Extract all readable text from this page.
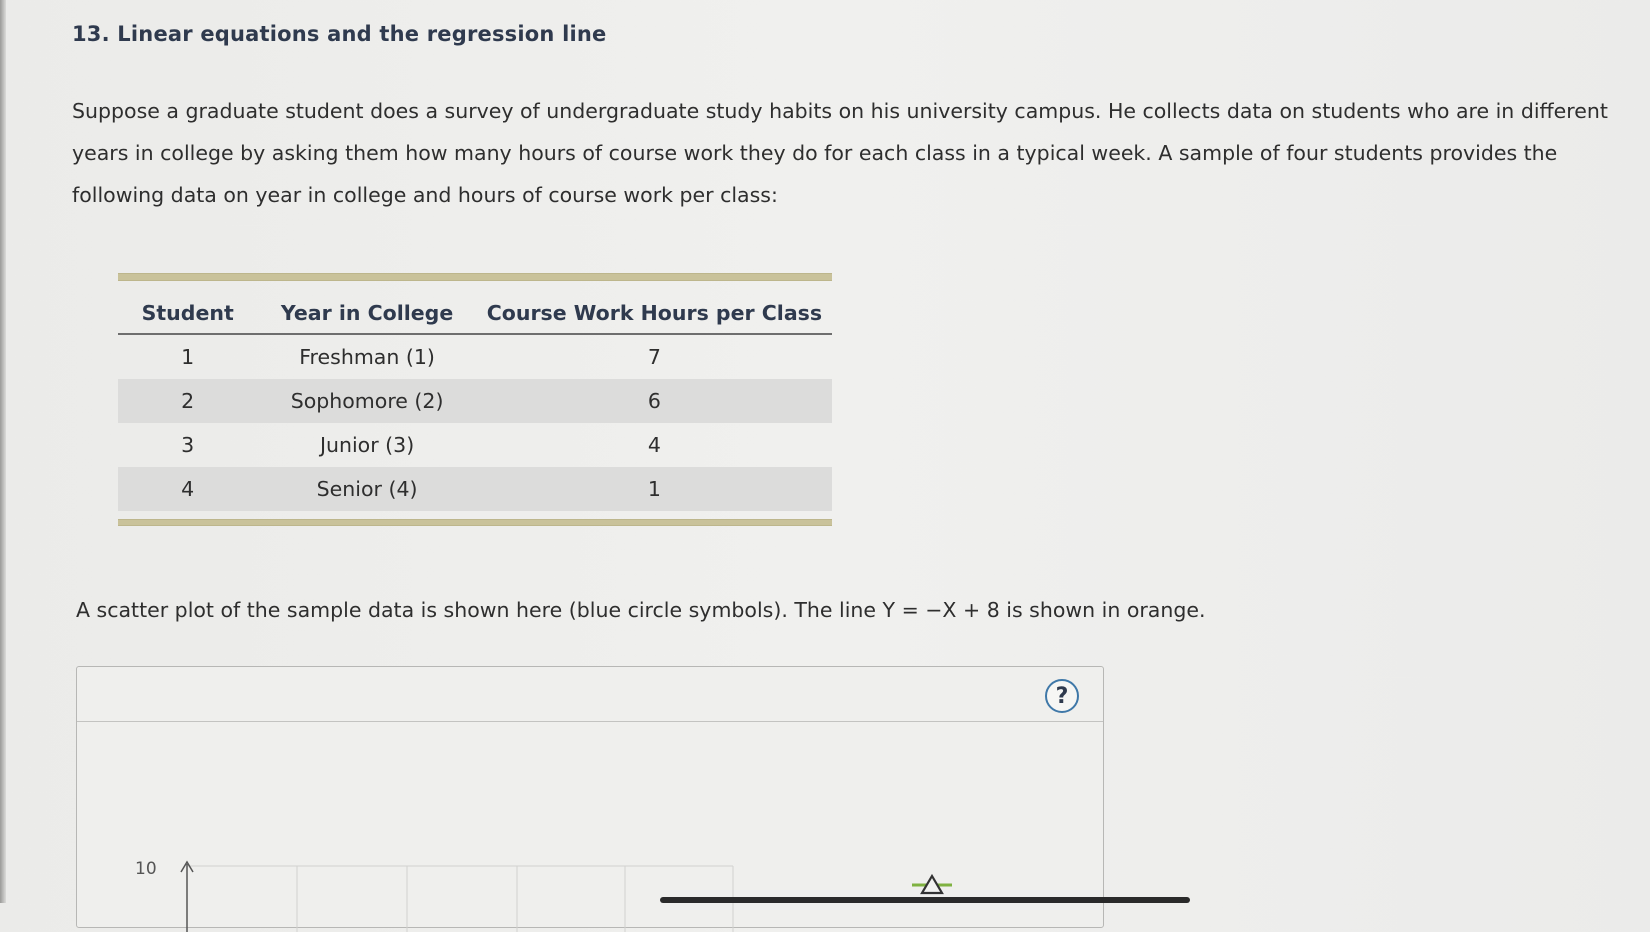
13. Linear equations and the regression line

Suppose a graduate student does a survey of undergraduate study habits on his university campus. He collects data on students who are in different years in college by asking them how many hours of course work they do for each class in a typical week. A sample of four students provides the following data on year in college and hours of course work per class:

Student	Year in College	Course Work Hours per Class
1	Freshman (1)	7
2	Sophomore (2)	6
3	Junior (3)	4
4	Senior (4)	1

A scatter plot of the sample data is shown here (blue circle symbols). The line Y = −X + 8 is shown in orange.

?
10
